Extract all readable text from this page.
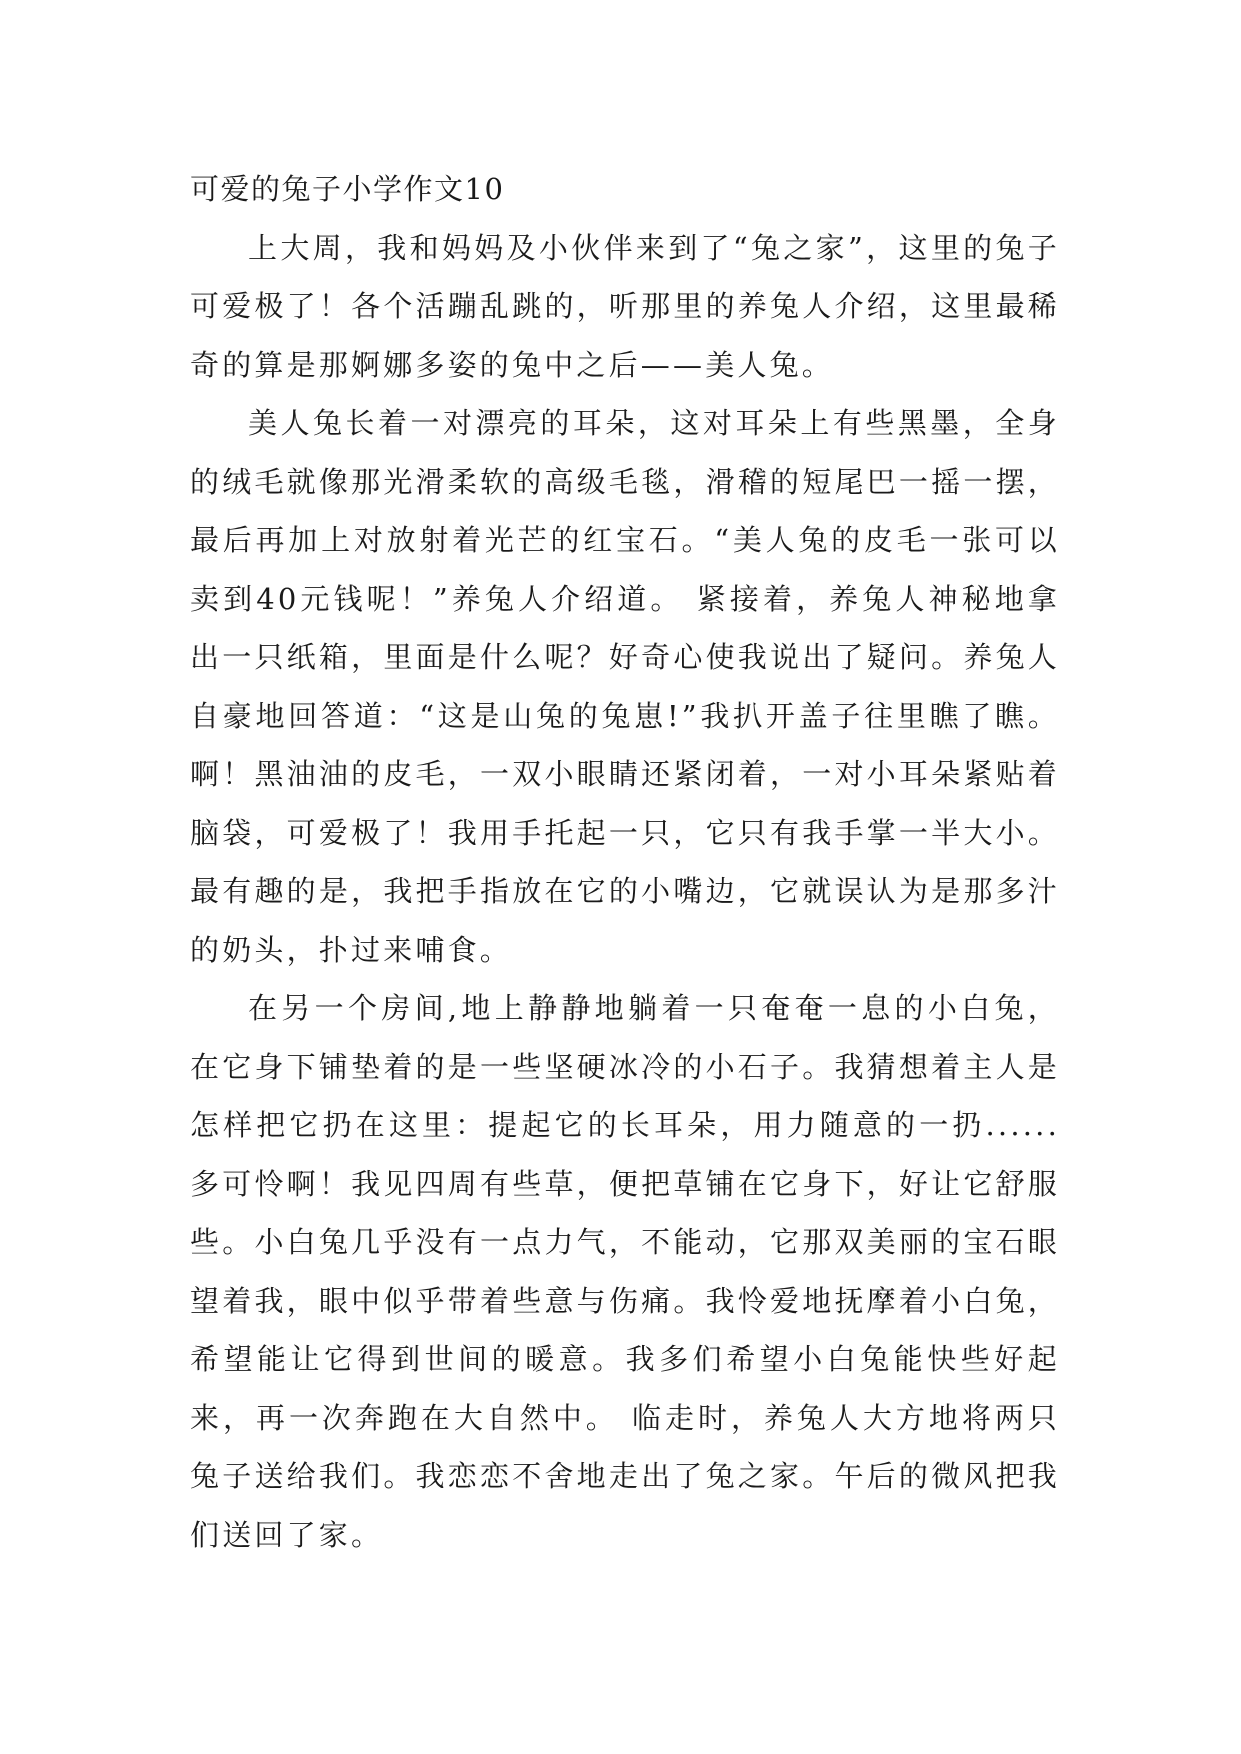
可爱的兔子小学作文10

上大周，我和妈妈及小伙伴来到了“兔之家”，这里的兔子可爱极了！各个活蹦乱跳的，听那里的养兔人介绍，这里最稀奇的算是那婀娜多姿的兔中之后——美人兔。

美人兔长着一对漂亮的耳朵，这对耳朵上有些黑墨，全身的绒毛就像那光滑柔软的高级毛毯，滑稽的短尾巴一摇一摆，最后再加上对放射着光芒的红宝石。“美人兔的皮毛一张可以卖到40元钱呢！”养兔人介绍道。 紧接着，养兔人神秘地拿出一只纸箱，里面是什么呢？好奇心使我说出了疑问。养兔人自豪地回答道：“这是山兔的兔崽!”我扒开盖子往里瞧了瞧。啊！黑油油的皮毛，一双小眼睛还紧闭着，一对小耳朵紧贴着脑袋，可爱极了！我用手托起一只，它只有我手掌一半大小。最有趣的是，我把手指放在它的小嘴边，它就误认为是那多汁的奶头，扑过来哺食。

在另一个房间,地上静静地躺着一只奄奄一息的小白兔，在它身下铺垫着的是一些坚硬冰冷的小石子。我猜想着主人是怎样把它扔在这里：提起它的长耳朵，用力随意的一扔......多可怜啊！我见四周有些草，便把草铺在它身下，好让它舒服些。小白兔几乎没有一点力气，不能动，它那双美丽的宝石眼望着我，眼中似乎带着些意与伤痛。我怜爱地抚摩着小白兔，希望能让它得到世间的暖意。我多们希望小白兔能快些好起来，再一次奔跑在大自然中。 临走时，养兔人大方地将两只兔子送给我们。我恋恋不舍地走出了兔之家。午后的微风把我们送回了家。
